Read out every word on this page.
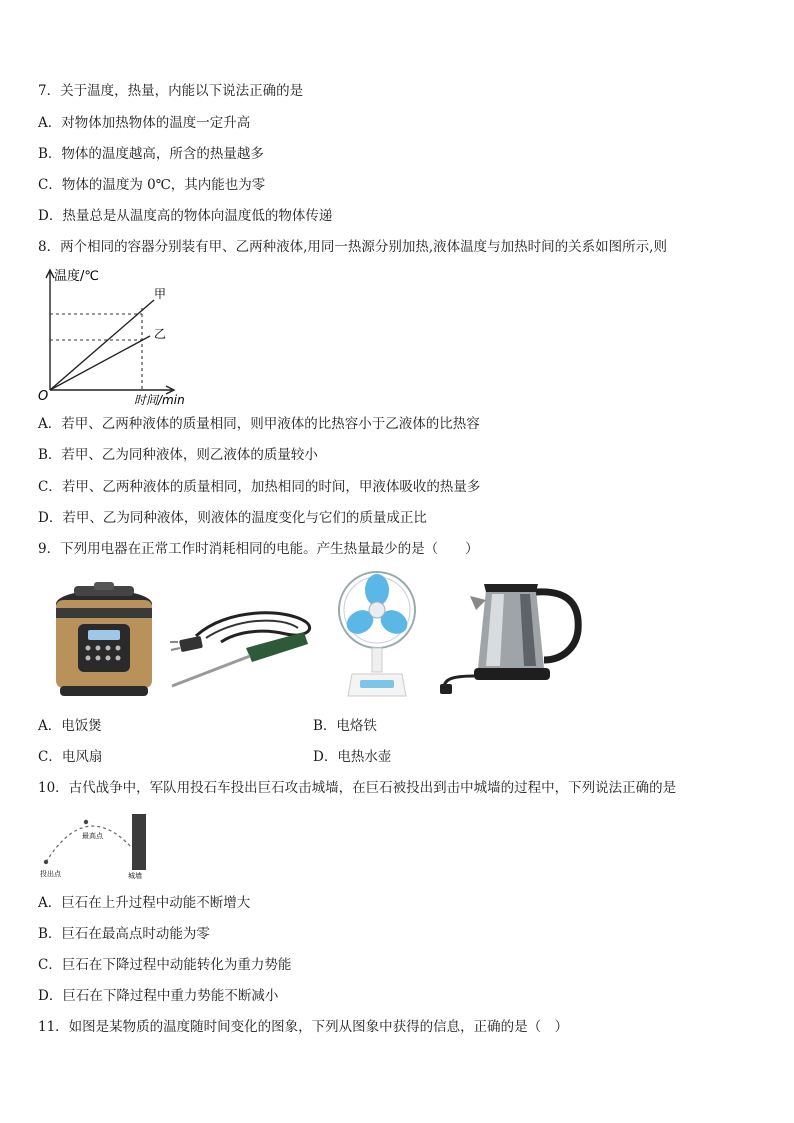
7．关于温度，热量，内能以下说法正确的是
A．对物体加热物体的温度一定升高
B．物体的温度越高，所含的热量越多
C．物体的温度为 0℃，其内能也为零
D．热量总是从温度高的物体向温度低的物体传递
8．两个相同的容器分别装有甲、乙两种液体,用同一热源分别加热,液体温度与加热时间的关系如图所示,则
温度/℃
时间/min
O
甲
乙
A．若甲、乙两种液体的质量相同，则甲液体的比热容小于乙液体的比热容
B．若甲、乙为同种液体，则乙液体的质量较小
C．若甲、乙两种液体的质量相同，加热相同的时间，甲液体吸收的热量多
D．若甲、乙为同种液体，则液体的温度变化与它们的质量成正比
9．下列用电器在正常工作时消耗相同的电能。产生热量最少的是（　　）
A．电饭煲	B．电烙铁
C．电风扇	D．电热水壶
10．古代战争中，军队用投石车投出巨石攻击城墙，在巨石被投出到击中城墙的过程中，下列说法正确的是
最高点
投出点	城墙
A．巨石在上升过程中动能不断增大
B．巨石在最高点时动能为零
C．巨石在下降过程中动能转化为重力势能
D．巨石在下降过程中重力势能不断减小
11．如图是某物质的温度随时间变化的图象，下列从图象中获得的信息，正确的是（　）
